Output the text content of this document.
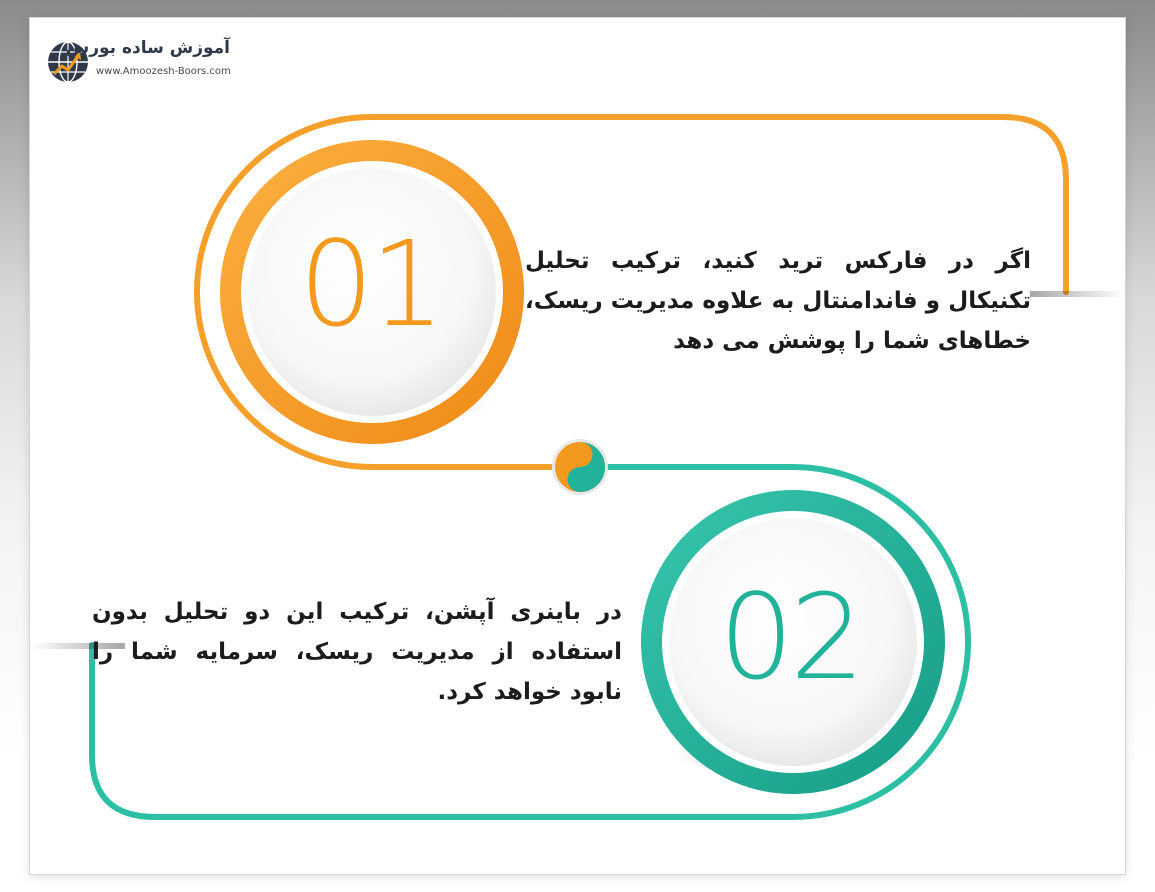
آموزش ساده بورس
www.Amoozesh-Boors.com
01	اگر در فارکس ترید کنید، ترکیب تحلیل تکنیکال و فاندامنتال به علاوه مدیریت ریسک، خطاهای شما را پوشش می دهد
02
در باینری آپشن، ترکیب این دو تحلیل بدون استفاده از مدیریت ریسک، سرمایه شما را نابود خواهد کرد.
